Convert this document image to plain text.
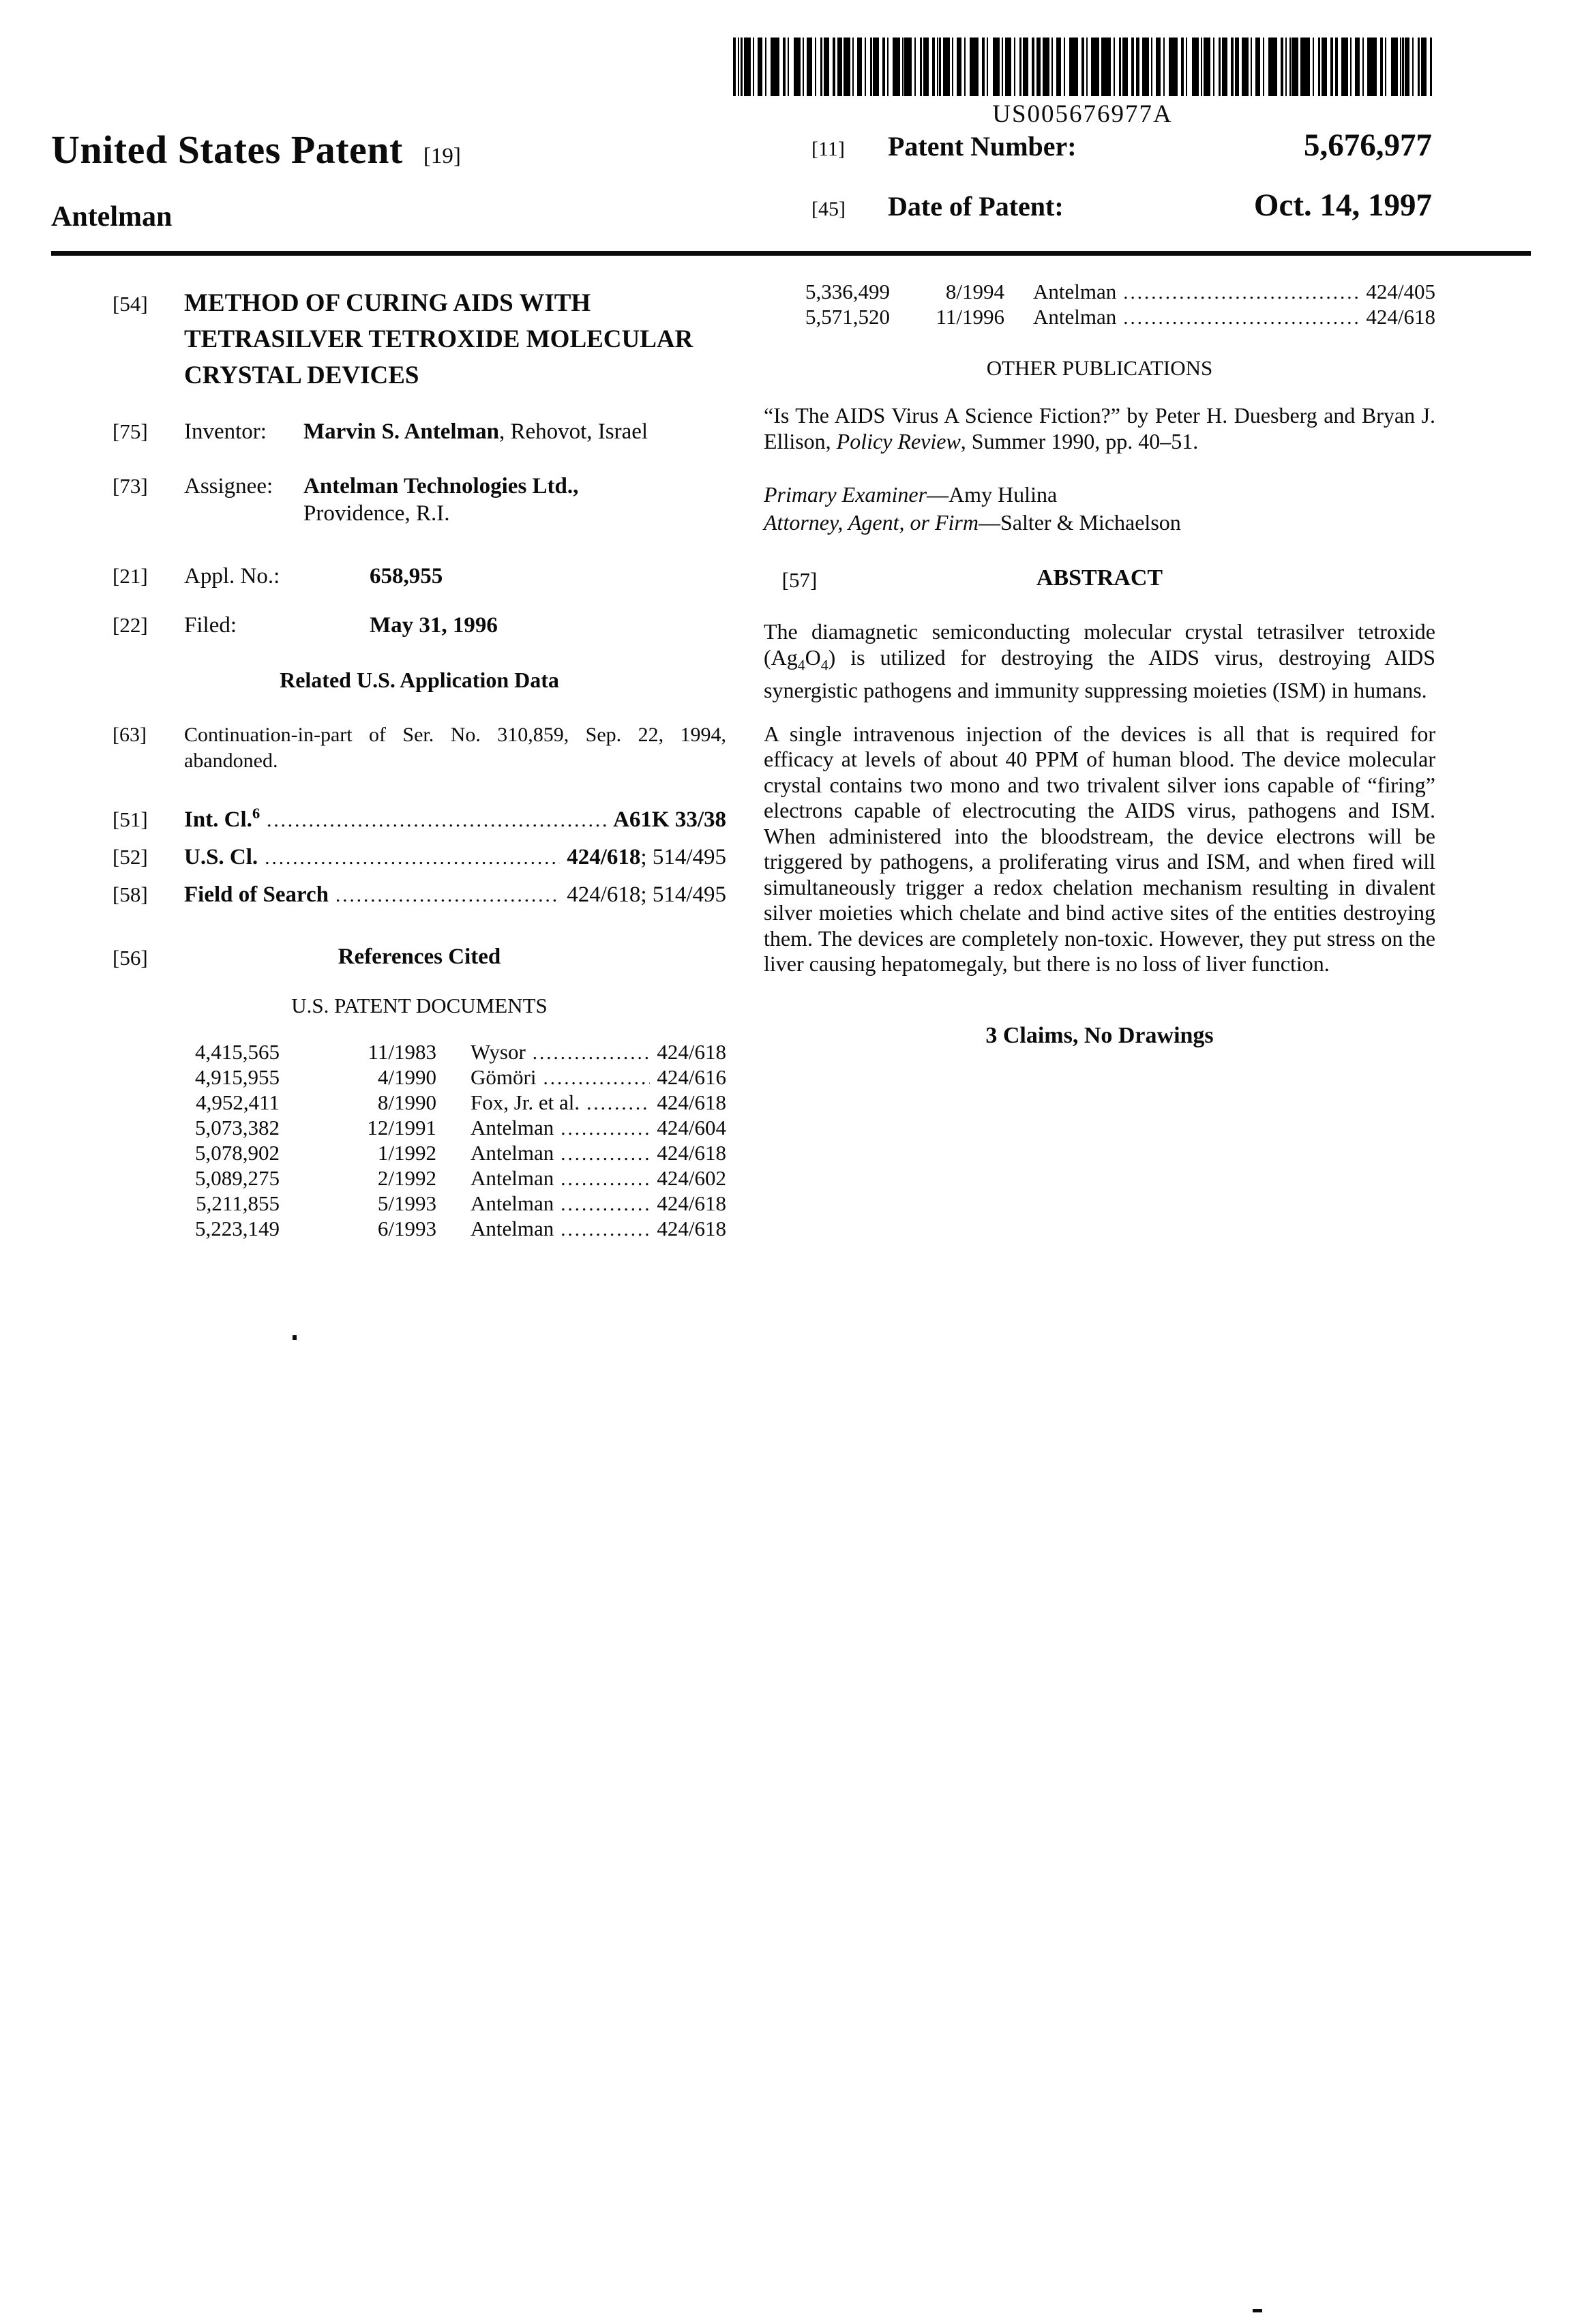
US005676977A
United States Patent [19]
Antelman
[11]	Patent Number:	5,676,977
[45]	Date of Patent:	Oct. 14, 1997
[54]	METHOD OF CURING AIDS WITH TETRASILVER TETROXIDE MOLECULAR CRYSTAL DEVICES
[75]	Inventor:	Marvin S. Antelman, Rehovot, Israel
[73]	Assignee:	Antelman Technologies Ltd.,
Providence, R.I.
[21]	Appl. No.:	658,955
[22]	Filed:	May 31, 1996
Related U.S. Application Data
[63]	Continuation-in-part of Ser. No. 310,859, Sep. 22, 1994, abandoned.
[51]	Int. Cl.$^6$ .....	A61K 33/38
[52]	U.S. Cl. .....	424/618; 514/495
[58]	Field of Search .....	424/618; 514/495
[56]	References Cited
U.S. PATENT DOCUMENTS
4,415,565	11/1983	Wysor .....	424/618
4,915,955	4/1990	Gömöri .....	424/616
4,952,411	8/1990	Fox, Jr. et al. .....	424/618
5,073,382	12/1991	Antelman .....	424/604
5,078,902	1/1992	Antelman .....	424/618
5,089,275	2/1992	Antelman .....	424/602
5,211,855	5/1993	Antelman .....	424/618
5,223,149	6/1993	Antelman .....	424/618
5,336,499	8/1994	Antelman .....	424/405
5,571,520	11/1996	Antelman .....	424/618
OTHER PUBLICATIONS
“Is The AIDS Virus A Science Fiction?” by Peter H. Duesberg and Bryan J. Ellison, Policy Review, Summer 1990, pp. 40–51.
Primary Examiner—Amy Hulina
Attorney, Agent, or Firm—Salter & Michaelson
[57]	ABSTRACT
The diamagnetic semiconducting molecular crystal tetrasilver tetroxide $(Ag_4O_4)$ is utilized for destroying the AIDS virus, destroying AIDS synergistic pathogens and immunity suppressing moieties (ISM) in humans.
A single intravenous injection of the devices is all that is required for efficacy at levels of about 40 PPM of human blood. The device molecular crystal contains two mono and two trivalent silver ions capable of “firing” electrons capable of electrocuting the AIDS virus, pathogens and ISM. When administered into the bloodstream, the device electrons will be triggered by pathogens, a proliferating virus and ISM, and when fired will simultaneously trigger a redox chelation mechanism resulting in divalent silver moieties which chelate and bind active sites of the entities destroying them. The devices are completely non-toxic. However, they put stress on the liver causing hepatomegaly, but there is no loss of liver function.
3 Claims, No Drawings
